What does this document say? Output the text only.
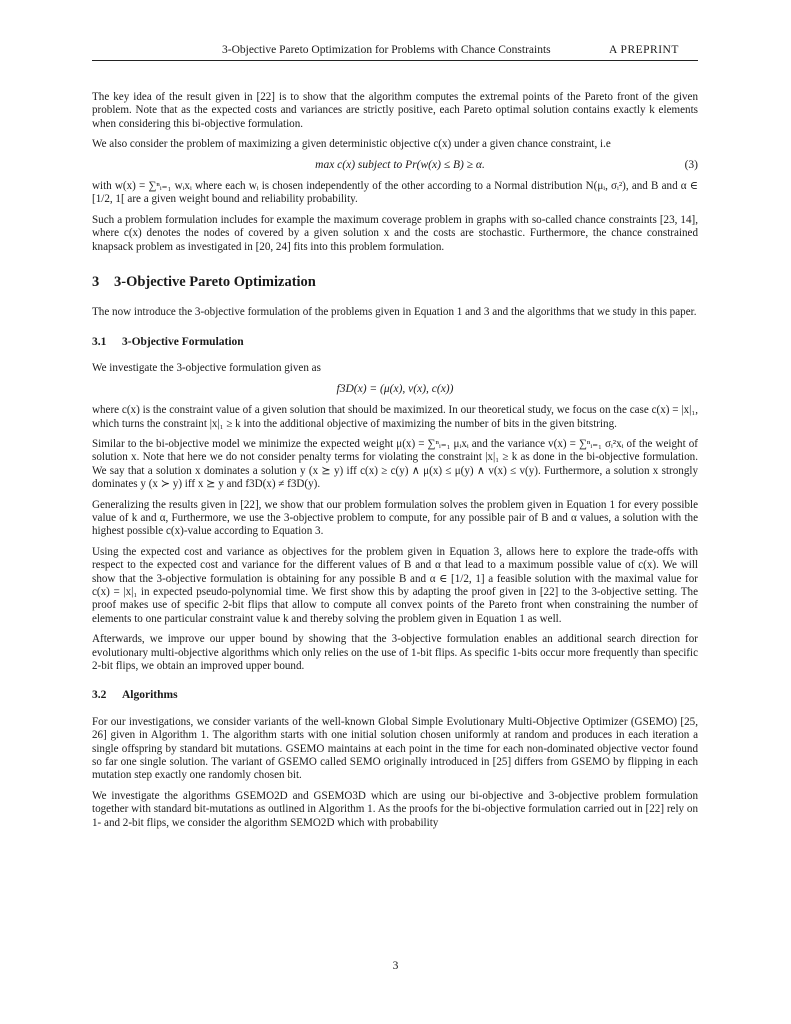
3-Objective Pareto Optimization for Problems with Chance Constraints	A PREPRINT

The key idea of the result given in [22] is to show that the algorithm computes the extremal points of the Pareto front of the given problem. Note that as the expected costs and variances are strictly positive, each Pareto optimal solution contains exactly k elements when considering this bi-objective formulation.

We also consider the problem of maximizing a given deterministic objective c(x) under a given chance constraint, i.e

max c(x) subject to Pr(w(x) ≤ B) ≥ α.	(3)

with w(x) = ∑ⁿᵢ₌₁ wᵢxᵢ where each wᵢ is chosen independently of the other according to a Normal distribution N(μᵢ, σᵢ²), and B and α ∈ [1/2, 1[ are a given weight bound and reliability probability.

Such a problem formulation includes for example the maximum coverage problem in graphs with so-called chance constraints [23, 14], where c(x) denotes the nodes of covered by a given solution x and the costs are stochastic. Furthermore, the chance constrained knapsack problem as investigated in [20, 24] fits into this problem formulation.

3 3-Objective Pareto Optimization

The now introduce the 3-objective formulation of the problems given in Equation 1 and 3 and the algorithms that we study in this paper.

3.1 3-Objective Formulation

We investigate the 3-objective formulation given as

f3D(x) = (μ(x), v(x), c(x))

where c(x) is the constraint value of a given solution that should be maximized. In our theoretical study, we focus on the case c(x) = |x|₁, which turns the constraint |x|₁ ≥ k into the additional objective of maximizing the number of bits in the given bitstring.

Similar to the bi-objective model we minimize the expected weight μ(x) = ∑ⁿᵢ₌₁ μᵢxᵢ and the variance v(x) = ∑ⁿᵢ₌₁ σᵢ²xᵢ of the weight of solution x. Note that here we do not consider penalty terms for violating the constraint |x|₁ ≥ k as done in the bi-objective formulation. We say that a solution x dominates a solution y (x ⪰ y) iff c(x) ≥ c(y) ∧ μ(x) ≤ μ(y) ∧ v(x) ≤ v(y). Furthermore, a solution x strongly dominates y (x ≻ y) iff x ⪰ y and f3D(x) ≠ f3D(y).

Generalizing the results given in [22], we show that our problem formulation solves the problem given in Equation 1 for every possible value of k and α, Furthermore, we use the 3-objective problem to compute, for any possible pair of B and α values, a solution with the highest possible c(x)-value according to Equation 3.

Using the expected cost and variance as objectives for the problem given in Equation 3, allows here to explore the trade-offs with respect to the expected cost and variance for the different values of B and α that lead to a maximum possible value of c(x). We will show that the 3-objective formulation is obtaining for any possible B and α ∈ [1/2, 1] a feasible solution with the maximal value for c(x) = |x|₁ in expected pseudo-polynomial time. We first show this by adapting the proof given in [22] to the 3-objective setting. The proof makes use of specific 2-bit flips that allow to compute all convex points of the Pareto front when constraining the number of elements to one particular constraint value k and thereby solving the problem given in Equation 1 as well.

Afterwards, we improve our upper bound by showing that the 3-objective formulation enables an additional search direction for evolutionary multi-objective algorithms which only relies on the use of 1-bit flips. As specific 1-bits occur more frequently than specific 2-bit flips, we obtain an improved upper bound.

3.2 Algorithms

For our investigations, we consider variants of the well-known Global Simple Evolutionary Multi-Objective Optimizer (GSEMO) [25, 26] given in Algorithm 1. The algorithm starts with one initial solution chosen uniformly at random and produces in each iteration a single offspring by standard bit mutations. GSEMO maintains at each point in the time for each non-dominated objective vector found so far one single solution. The variant of GSEMO called SEMO originally introduced in [25] differs from GSEMO by flipping in each mutation step exactly one randomly chosen bit.

We investigate the algorithms GSEMO2D and GSEMO3D which are using our bi-objective and 3-objective problem formulation together with standard bit-mutations as outlined in Algorithm 1. As the proofs for the bi-objective formulation carried out in [22] rely on 1- and 2-bit flips, we consider the algorithm SEMO2D which with probability

3
